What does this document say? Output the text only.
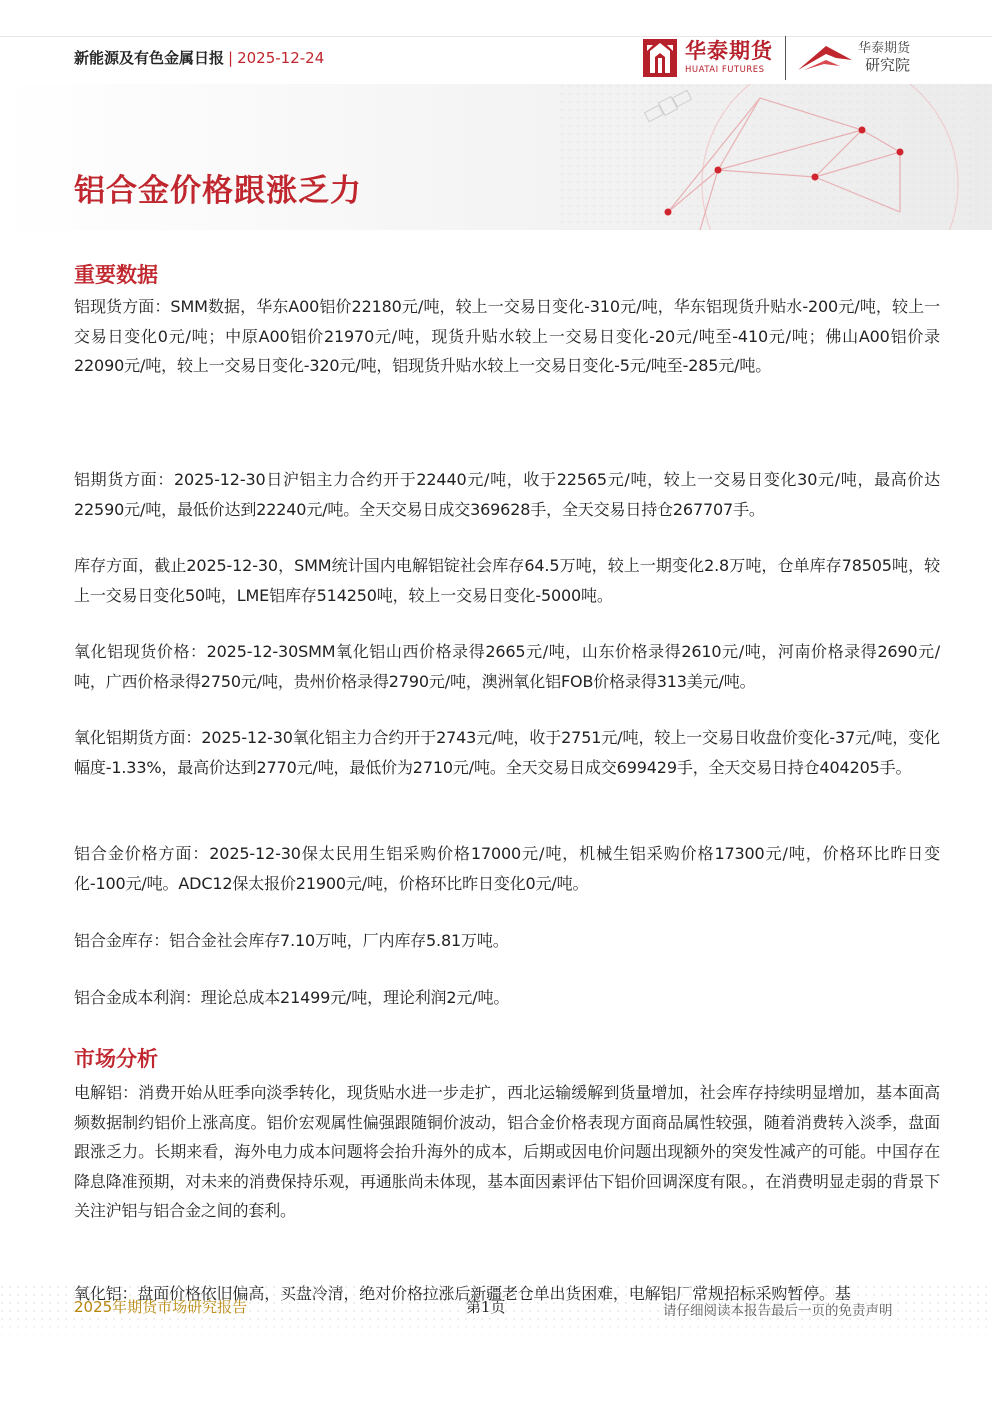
新能源及有色金属日报 | 2025-12-24	华泰期货
HUATAI FUTURES
华泰期货
研究院
铝合金价格跟涨乏力
重要数据

铝现货方面：SMM数据，华东A00铝价22180元/吨，较上一交易日变化-310元/吨，华东铝现货升贴水-200元/吨，较上一交易日变化0元/吨；中原A00铝价21970元/吨，现货升贴水较上一交易日变化-20元/吨至-410元/吨；佛山A00铝价录22090元/吨，较上一交易日变化-320元/吨，铝现货升贴水较上一交易日变化-5元/吨至-285元/吨。

铝期货方面：2025-12-30日沪铝主力合约开于22440元/吨，收于22565元/吨，较上一交易日变化30元/吨，最高价达22590元/吨，最低价达到22240元/吨。全天交易日成交369628手，全天交易日持仓267707手。

库存方面，截止2025-12-30，SMM统计国内电解铝锭社会库存64.5万吨，较上一期变化2.8万吨，仓单库存78505吨，较上一交易日变化50吨，LME铝库存514250吨，较上一交易日变化-5000吨。

氧化铝现货价格：2025-12-30SMM氧化铝山西价格录得2665元/吨，山东价格录得2610元/吨，河南价格录得2690元/吨，广西价格录得2750元/吨，贵州价格录得2790元/吨，澳洲氧化铝FOB价格录得313美元/吨。

氧化铝期货方面：2025-12-30氧化铝主力合约开于2743元/吨，收于2751元/吨，较上一交易日收盘价变化-37元/吨，变化幅度-1.33%，最高价达到2770元/吨，最低价为2710元/吨。全天交易日成交699429手，全天交易日持仓404205手。

铝合金价格方面：2025-12-30保太民用生铝采购价格17000元/吨，机械生铝采购价格17300元/吨，价格环比昨日变化-100元/吨。ADC12保太报价21900元/吨，价格环比昨日变化0元/吨。

铝合金库存：铝合金社会库存7.10万吨，厂内库存5.81万吨。

铝合金成本利润：理论总成本21499元/吨，理论利润2元/吨。

市场分析

电解铝：消费开始从旺季向淡季转化，现货贴水进一步走扩，西北运输缓解到货量增加，社会库存持续明显增加，基本面高频数据制约铝价上涨高度。铝价宏观属性偏强跟随铜价波动，铝合金价格表现方面商品属性较强，随着消费转入淡季，盘面跟涨乏力。长期来看，海外电力成本问题将会抬升海外的成本，后期或因电价问题出现额外的突发性减产的可能。中国存在降息降准预期，对未来的消费保持乐观，再通胀尚未体现，基本面因素评估下铝价回调深度有限。，在消费明显走弱的背景下关注沪铝与铝合金之间的套利。

2025年期货市场研究报告	第1页	请仔细阅读本报告最后一页的免责声明
